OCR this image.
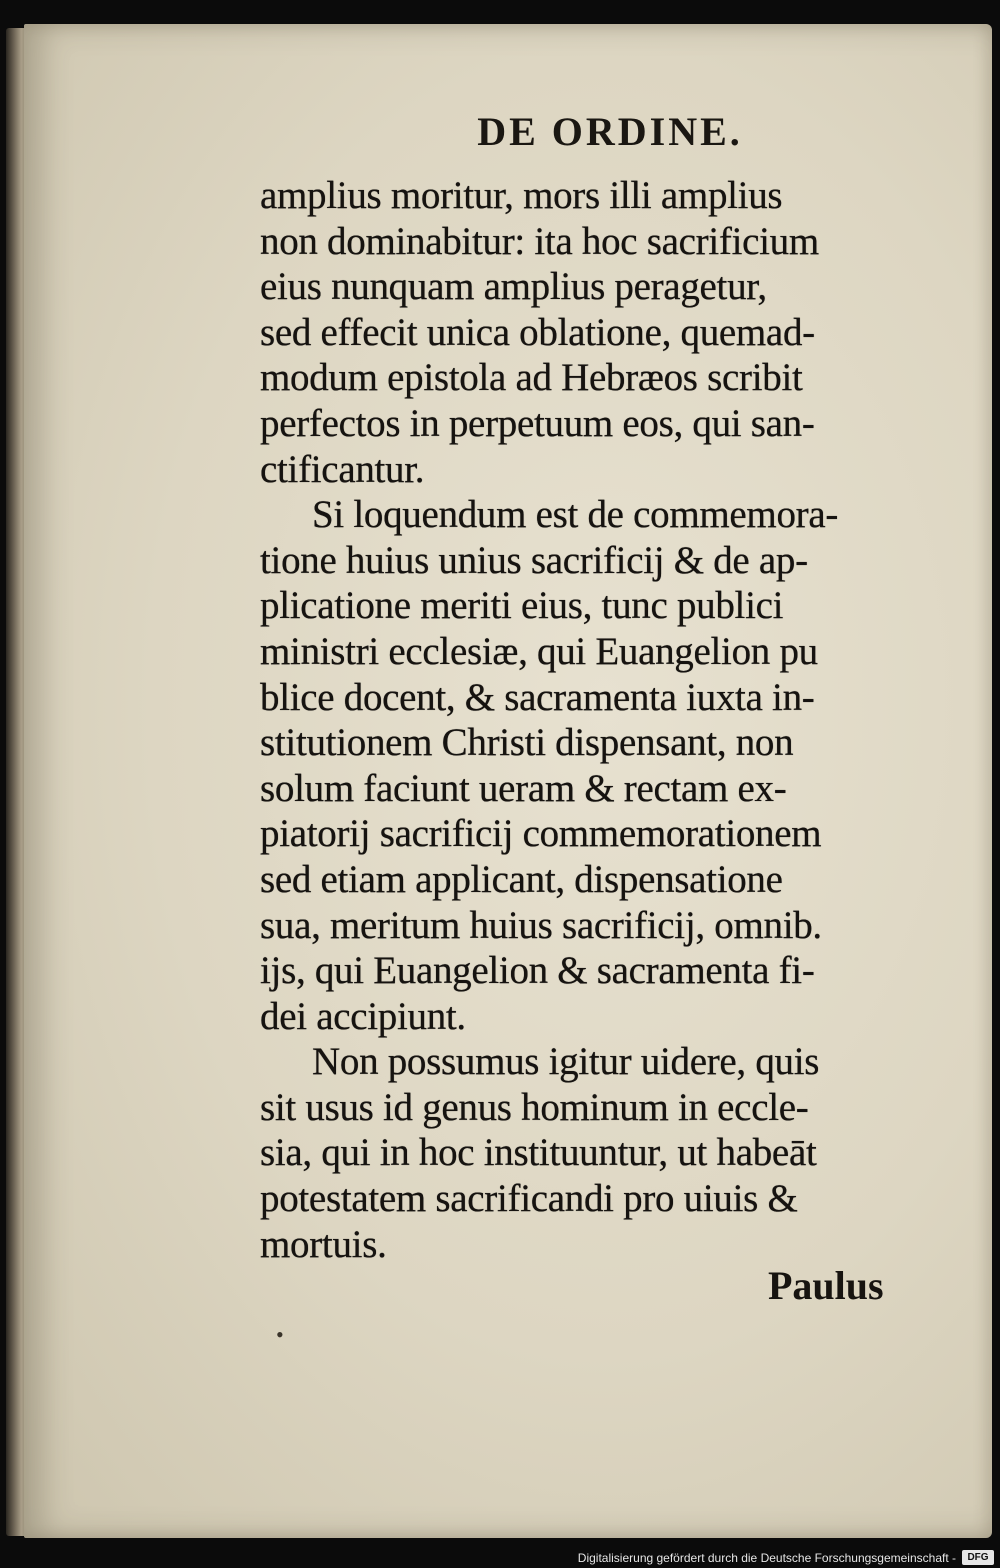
DE ORDINE.
amplius moritur, mors illi amplius
non dominabitur: ita hoc sacrificium
eius nunquam amplius peragetur,
sed effecit unica oblatione, quemad-
modum epistola ad Hebræos scribit
perfectos in perpetuum eos, qui san-
ctificantur.
Si loquendum est de commemora-
tione huius unius sacrificij & de ap-
plicatione meriti eius, tunc publici
ministri ecclesiæ, qui Euangelion pu
blice docent, & sacramenta iuxta in-
stitutionem Christi dispensant, non
solum faciunt ueram & rectam ex-
piatorij sacrificij commemorationem
sed etiam applicant, dispensatione
sua, meritum huius sacrificij, omnib.
ijs, qui Euangelion & sacramenta fi-
dei accipiunt.
Non possumus igitur uidere, quis
sit usus id genus hominum in eccle-
sia, qui in hoc instituuntur, ut habeāt
potestatem sacrificandi pro uiuis &
mortuis.
Paulus
•
Digitalisierung gefördert durch die Deutsche Forschungsgemeinschaft -	DFG
